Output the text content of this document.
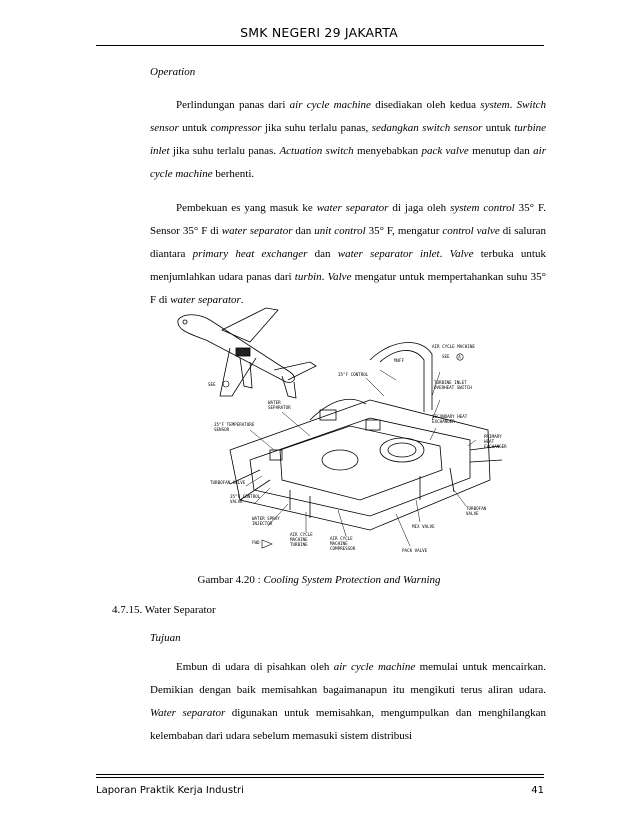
SMK NEGERI 29 JAKARTA
Operation

Perlindungan panas dari air cycle machine disediakan oleh kedua system. Switch sensor untuk compressor jika suhu terlalu panas, sedangkan switch sensor untuk turbine inlet jika suhu terlalu panas. Actuation switch menyebabkan pack valve menutup dan air cycle machine berhenti.

Pembekuan es yang masuk ke water separator di jaga oleh system control 35° F. Sensor 35° F di water separator dan unit control 35° F, mengatur control valve di saluran diantara primary heat exchanger dan water separator inlet. Valve terbuka untuk menjumlahkan udara panas dari turbin. Valve mengatur untuk mempertahankan suhu 35° F di water separator.

SEE
AIR CYCLE MACHINE
SEE A
MUFF
35°F CONTROL
TURBINE INLET
OVERHEAT SWITCH
WATER
SEPARATOR
SECONDARY HEAT
EXCHANGER
35°F TEMPERATURE
SENSOR
PRIMARY
HEAT
EXCHANGER
TURBOFAN VALVE
35°F CONTROL
VALVE
WATER SPRAY
INJECTOR
TURBOFAN
VALVE
AIR CYCLE
MACHINE
TURBINE
AIR CYCLE
MACHINE
COMPRESSOR
MIX VALVE
PACK VALVE
FWD
Gambar 4.20 : Cooling System Protection and Warning
4.7.15. Water Separator
Tujuan

Embun di udara di pisahkan oleh air cycle machine memulai untuk mencairkan. Demikian dengan baik memisahkan bagaimanapun itu mengikuti terus aliran udara. Water separator digunakan untuk memisahkan, mengumpulkan dan menghilangkan kelembaban dari udara sebelum memasuki sistem distribusi

Laporan Praktik Kerja Industri	41
